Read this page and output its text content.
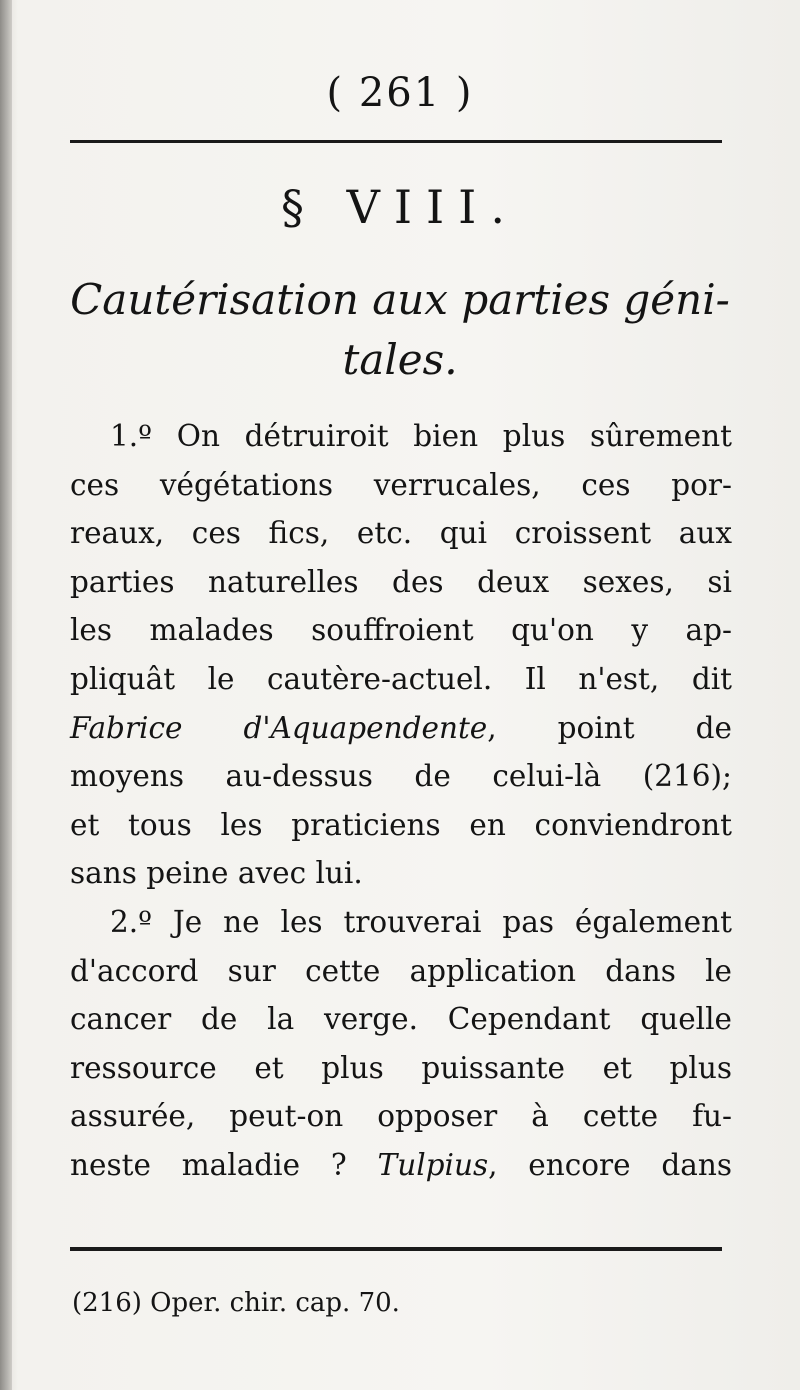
( 261 )
§ VIII.
Cautérisation aux parties géni-
tales.
1.º On détruiroit bien plus sûrement
ces végétations verrucales, ces por-
reaux, ces fics, etc. qui croissent aux
parties naturelles des deux sexes, si
les malades souffroient qu'on y ap-
pliquât le cautère-actuel. Il n'est, dit
Fabrice d'Aquapendente, point de
moyens au-dessus de celui-là (216);
et tous les praticiens en conviendront
sans peine avec lui.
2.º Je ne les trouverai pas également
d'accord sur cette application dans le
cancer de la verge. Cependant quelle
ressource et plus puissante et plus
assurée, peut-on opposer à cette fu-
neste maladie ? Tulpius, encore dans
(216) Oper. chir. cap. 70.
